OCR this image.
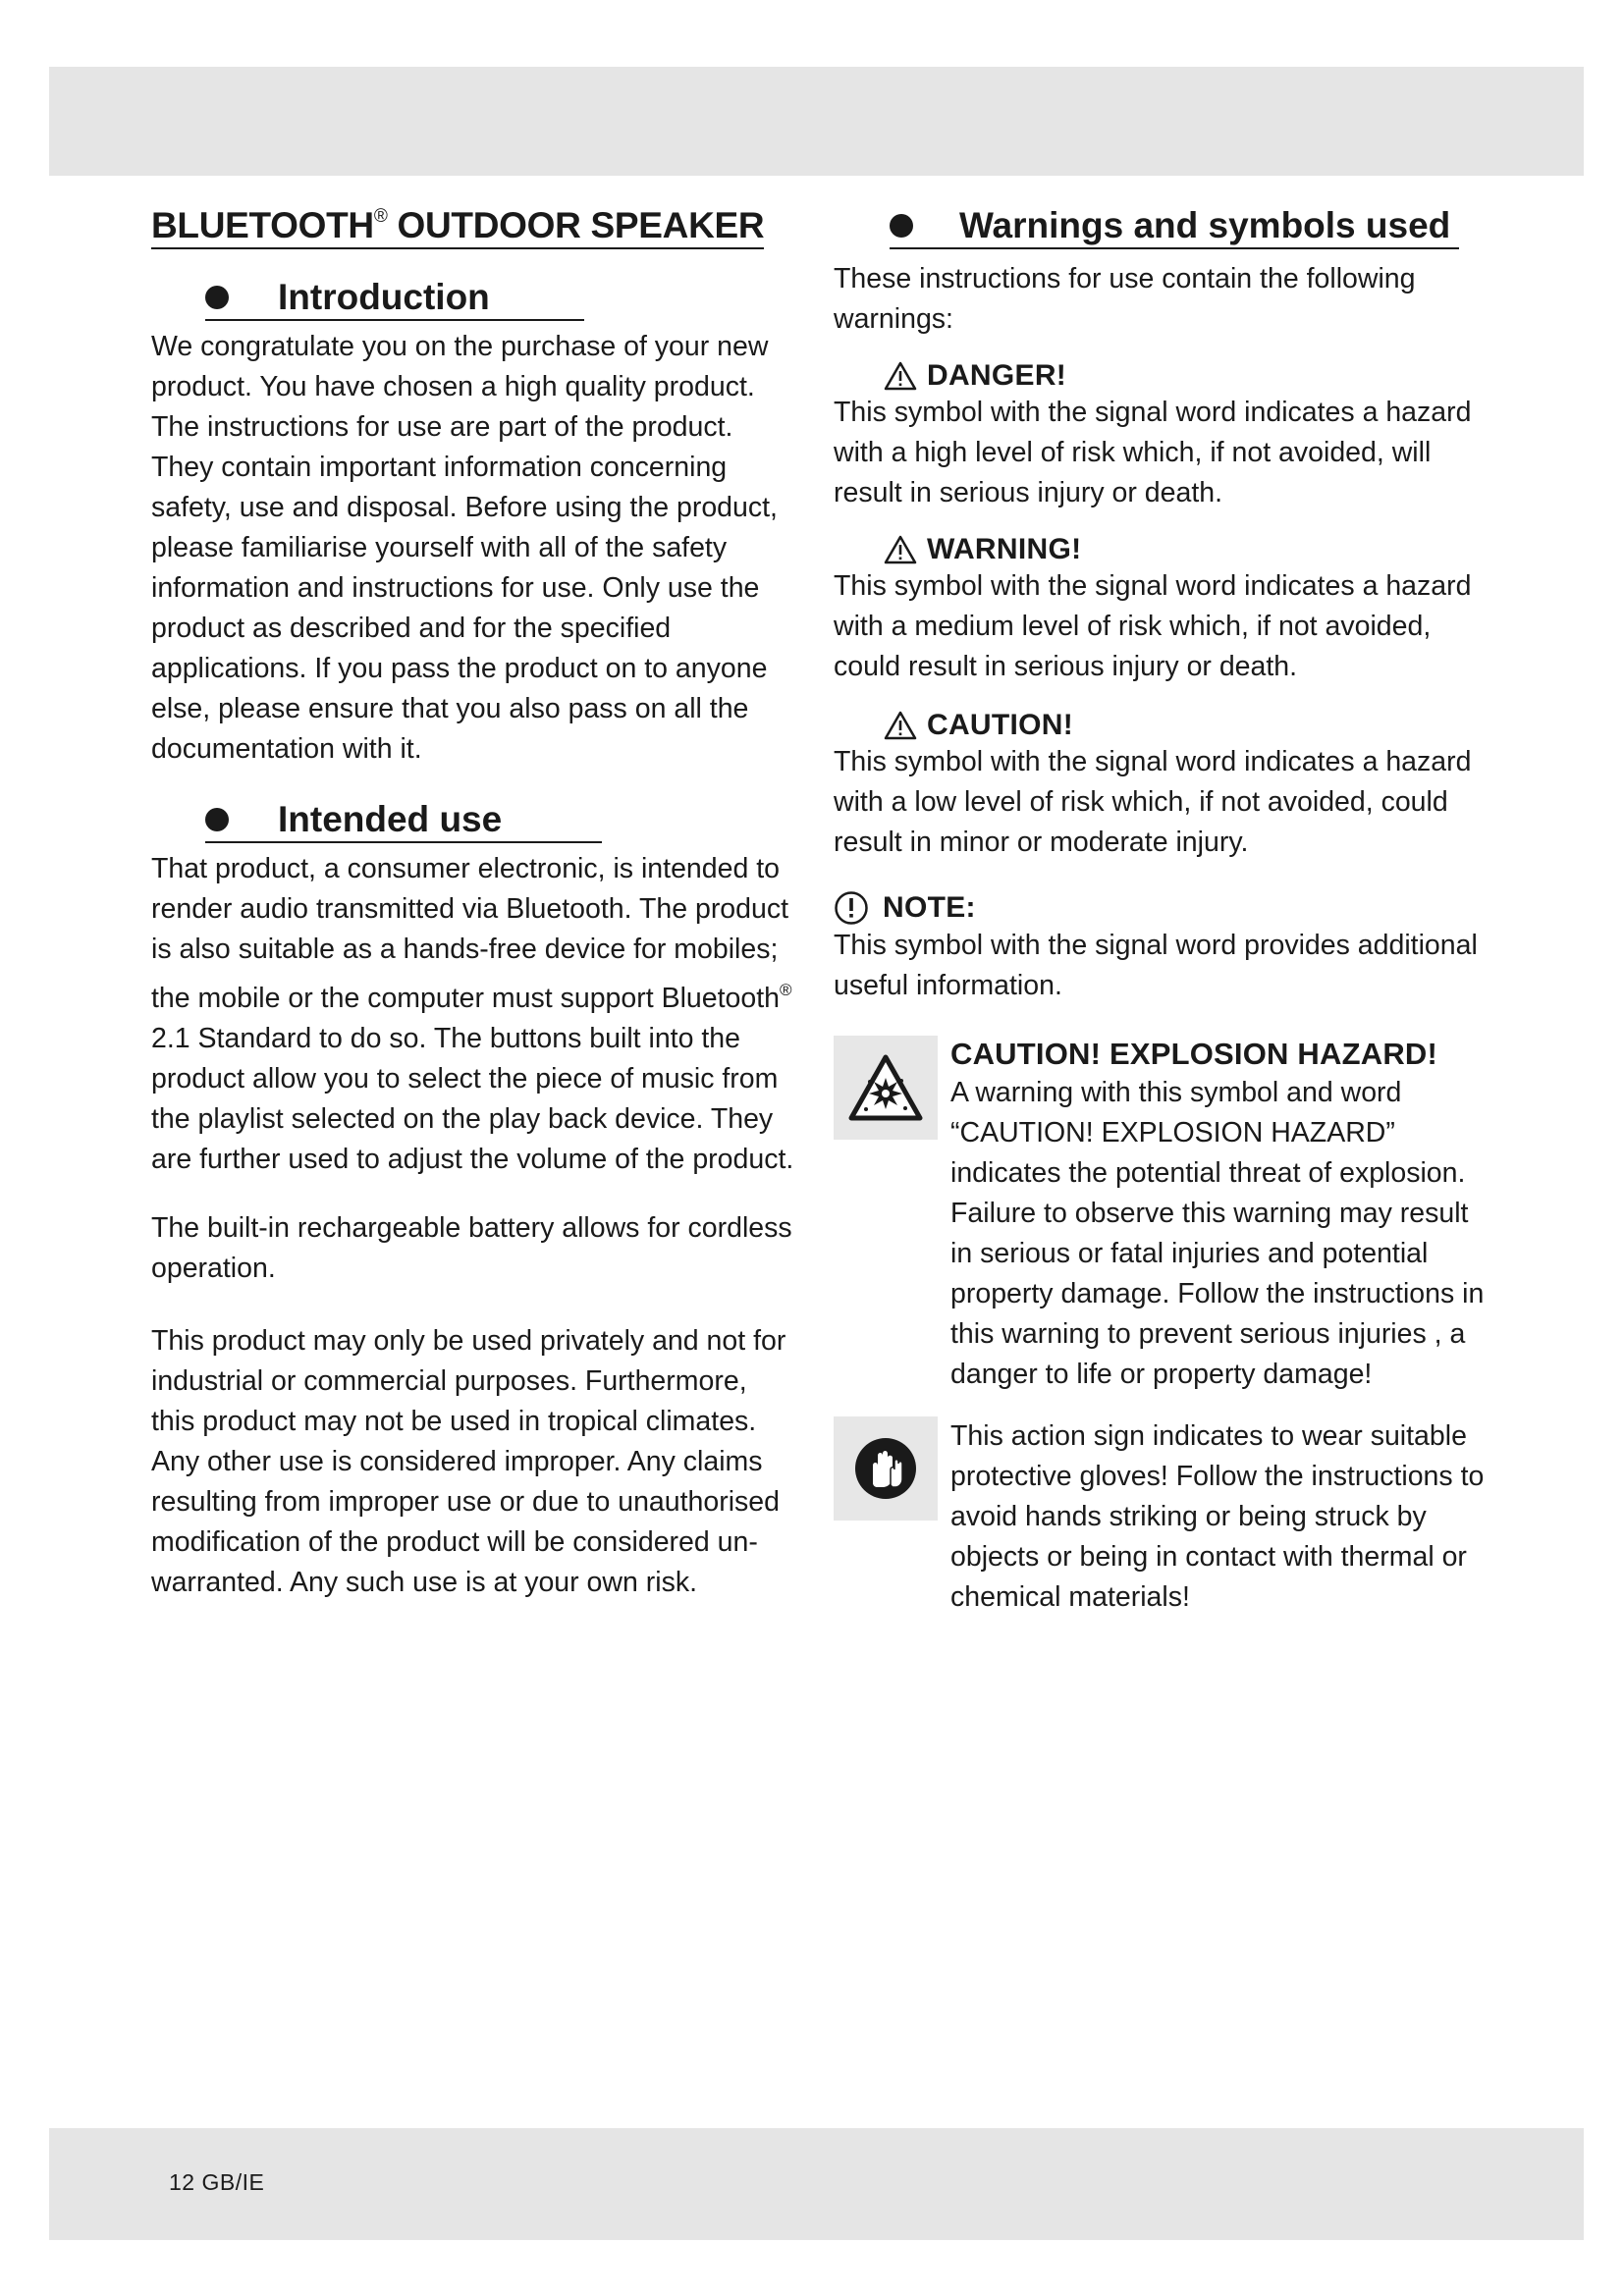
BLUETOOTH® OUTDOOR SPEAKER
Introduction

We congratulate you on the purchase of your new product. You have chosen a high quality product. The instructions for use are part of the product. They contain important information concerning safety, use and disposal. Before using the product, please familiarise yourself with all of the safety information and instructions for use. Only use the product as described and for the specified applications. If you pass the product on to anyone else, please ensure that you also pass on all the documentation with it.

Intended use

That product, a consumer electronic, is intended to render audio transmitted via Bluetooth. The product is also suitable as a hands-free device for mobiles; the mobile or the computer must support Bluetooth® 2.1 Standard to do so. The buttons built into the product allow you to select the piece of music from the playlist selected on the play back device. They are further used to adjust the volume of the product.

The built-in rechargeable battery allows for cordless operation.

This product may only be used privately and not for industrial or commercial purposes. Furthermore, this product may not be used in tropical climates. Any other use is considered improper. Any claims resulting from improper use or due to unauthorised modification of the product will be considered un-warranted. Any such use is at your own risk.

Warnings and symbols used

These instructions for use contain the following warnings:

DANGER!

This symbol with the signal word indicates a hazard with a high level of risk which, if not avoided, will result in serious injury or death.

WARNING!

This symbol with the signal word indicates a hazard with a medium level of risk which, if not avoided, could result in serious injury or death.

CAUTION!

This symbol with the signal word indicates a hazard with a low level of risk which, if not avoided, could result in minor or moderate injury.

NOTE:

This symbol with the signal word provides additional useful information.

CAUTION! EXPLOSION HAZARD!

A warning with this symbol and word “CAUTION! EXPLOSION HAZARD” indicates the potential threat of explosion. Failure to observe this warning may result in serious or fatal injuries and potential property damage. Follow the instructions in this warning to prevent serious injuries , a danger to life or property damage!

This action sign indicates to wear suitable protective gloves! Follow the instructions to avoid hands striking or being struck by objects or being in contact with thermal or chemical materials!

12 GB/IE
